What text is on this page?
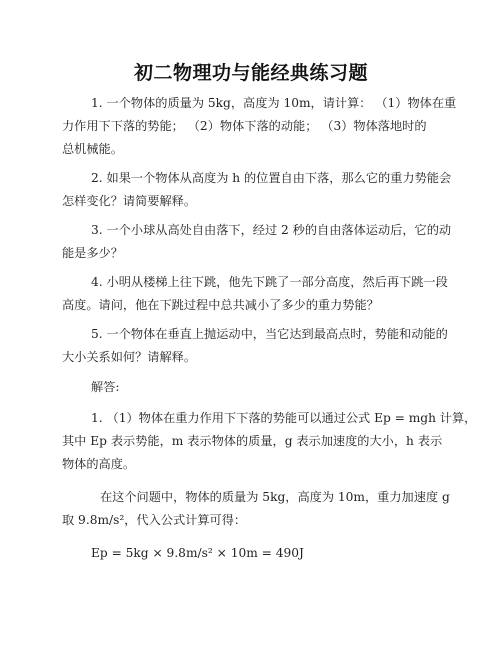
初二物理功与能经典练习题
1. 一个物体的质量为 5kg，高度为 10m，请计算： （1）物体在重
力作用下下落的势能； （2）物体下落的动能； （3）物体落地时的
总机械能。
2. 如果一个物体从高度为 h 的位置自由下落，那么它的重力势能会
怎样变化？请简要解释。
3. 一个小球从高处自由落下，经过 2 秒的自由落体运动后，它的动
能是多少？
4. 小明从楼梯上往下跳，他先下跳了一部分高度，然后再下跳一段
高度。请问，他在下跳过程中总共减小了多少的重力势能？
5. 一个物体在垂直上抛运动中，当它达到最高点时，势能和动能的
大小关系如何？请解释。
解答:
1. （1）物体在重力作用下下落的势能可以通过公式 Ep = mgh 计算，
其中 Ep 表示势能，m 表示物体的质量，g 表示加速度的大小，h 表示
物体的高度。
在这个问题中，物体的质量为 5kg，高度为 10m，重力加速度 g
取 9.8m/s²，代入公式计算可得：
Ep = 5kg × 9.8m/s² × 10m = 490J
